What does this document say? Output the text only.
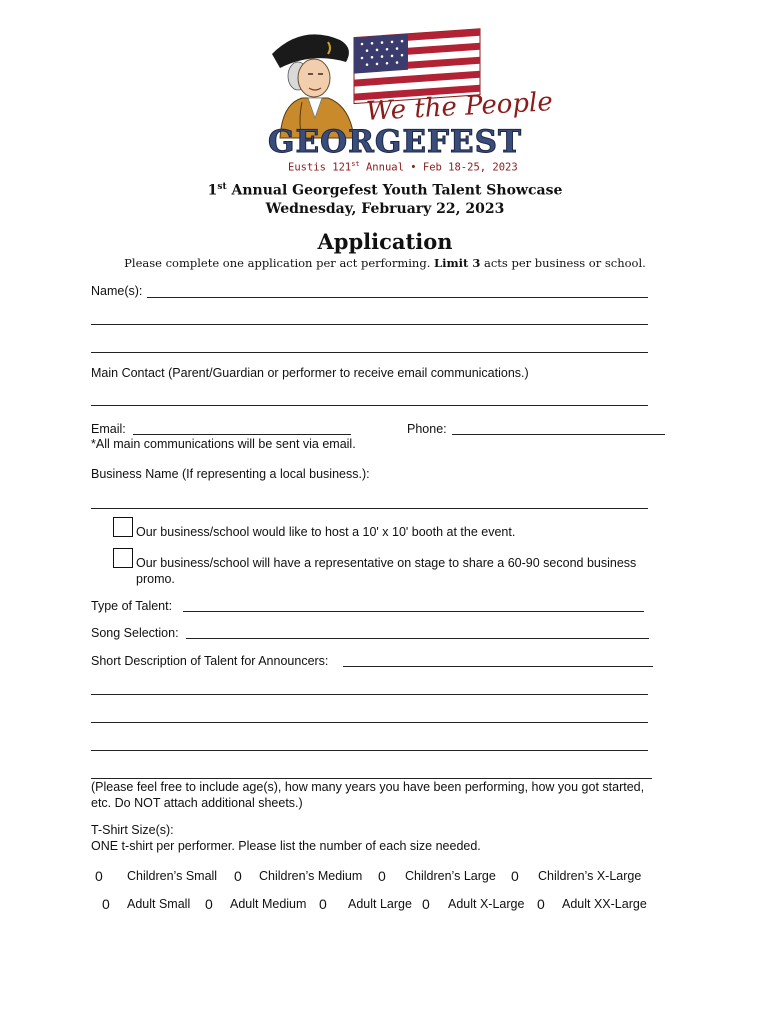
We the People
GEORGEFEST
Eustis 121st Annual • Feb 18-25, 2023
1st Annual Georgefest Youth Talent Showcase
Wednesday, February 22, 2023
Application
Please complete one application per act performing. Limit 3 acts per business or school.
Name(s):
Main Contact (Parent/Guardian or performer to receive email communications.)
Email:	Phone:
*All main communications will be sent via email.
Business Name (If representing a local business.):
Our business/school would like to host a 10' x 10' booth at the event.
Our business/school will have a representative on stage to share a 60-90 second business
promo.
Type of Talent:
Song Selection:
Short Description of Talent for Announcers:
(Please feel free to include age(s), how many years you have been performing, how you got started,
etc. Do NOT attach additional sheets.)
T-Shirt Size(s):
ONE t-shirt per performer. Please list the number of each size needed.
0 Children’s Small 0 Children’s Medium 0 Children’s Large 0 Children’s X-Large
0 Adult Small 0 Adult Medium 0 Adult Large 0 Adult X-Large 0 Adult XX-Large
